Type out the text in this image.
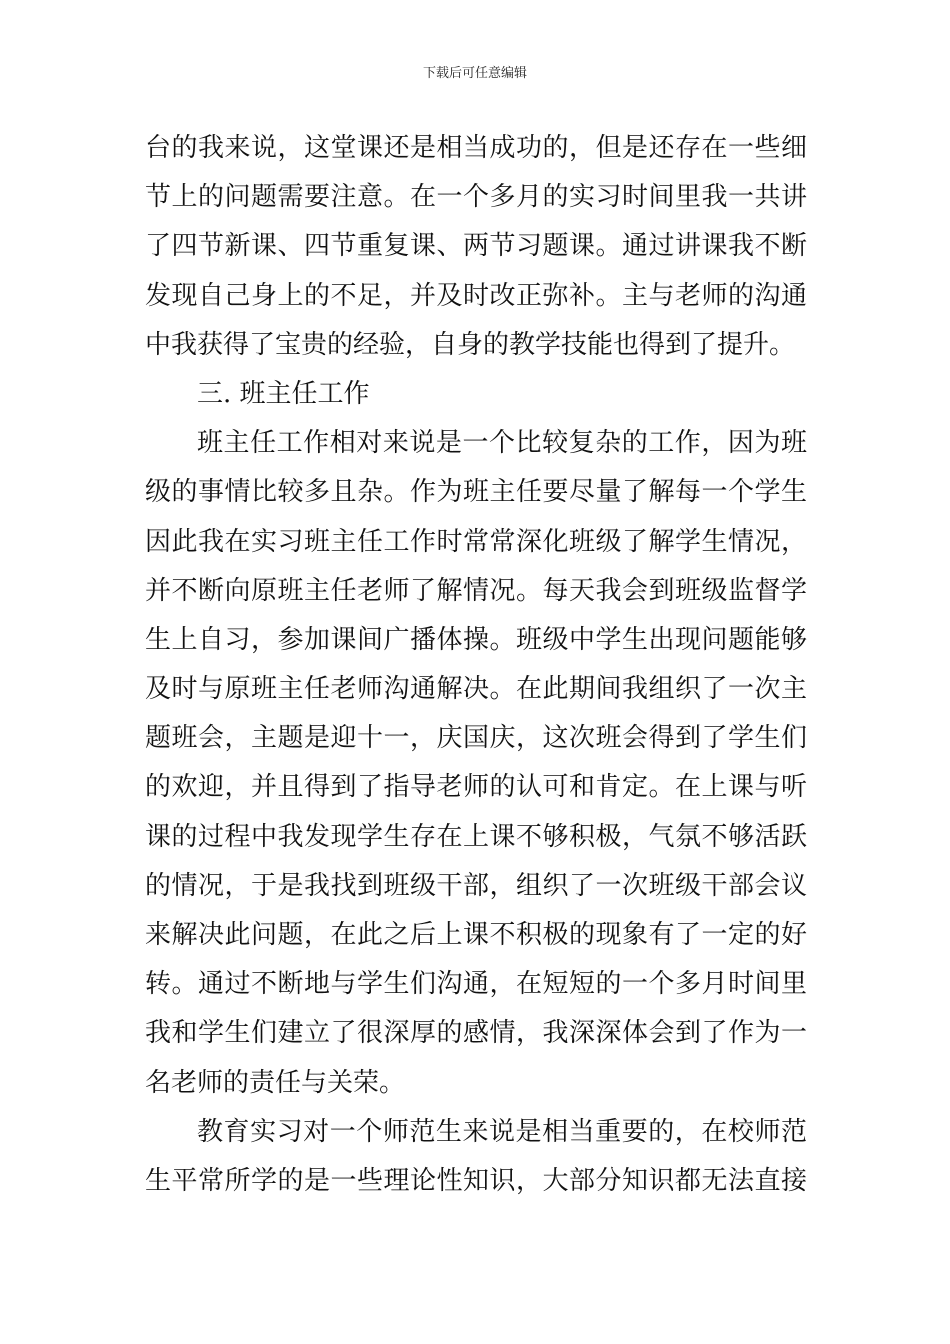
下载后可任意编辑
台的我来说，这堂课还是相当成功的，但是还存在一些细
节上的问题需要注意。在一个多月的实习时间里我一共讲
了四节新课、四节重复课、两节习题课。通过讲课我不断
发现自己身上的不足，并及时改正弥补。主与老师的沟通
中我获得了宝贵的经验，自身的教学技能也得到了提升。
三. 班主任工作
班主任工作相对来说是一个比较复杂的工作，因为班
级的事情比较多且杂。作为班主任要尽量了解每一个学生
因此我在实习班主任工作时常常深化班级了解学生情况，
并不断向原班主任老师了解情况。每天我会到班级监督学
生上自习，参加课间广播体操。班级中学生出现问题能够
及时与原班主任老师沟通解决。在此期间我组织了一次主
题班会，主题是迎十一，庆国庆，这次班会得到了学生们
的欢迎，并且得到了指导老师的认可和肯定。在上课与听
课的过程中我发现学生存在上课不够积极，气氛不够活跃
的情况，于是我找到班级干部，组织了一次班级干部会议
来解决此问题，在此之后上课不积极的现象有了一定的好
转。通过不断地与学生们沟通，在短短的一个多月时间里
我和学生们建立了很深厚的感情，我深深体会到了作为一
名老师的责任与关荣。
教育实习对一个师范生来说是相当重要的，在校师范
生平常所学的是一些理论性知识，大部分知识都无法直接
